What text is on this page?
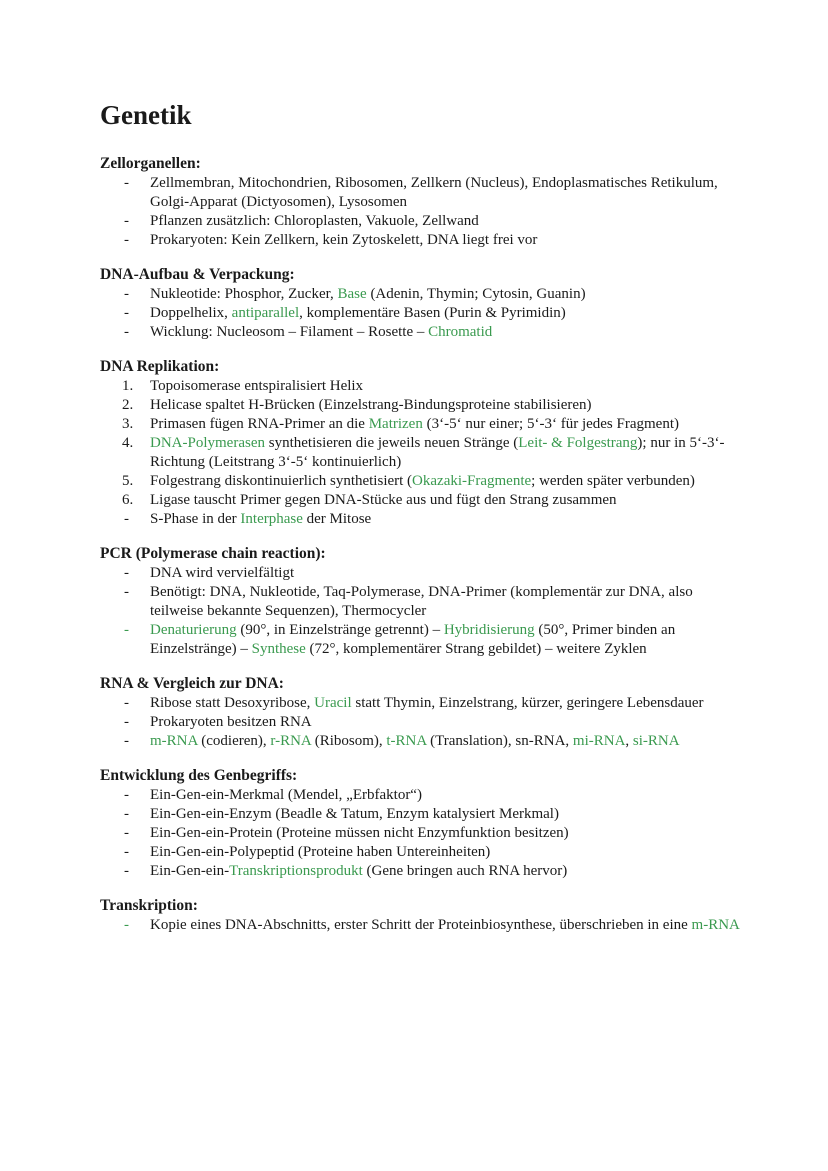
Genetik
Zellorganellen:
-	Zellmembran, Mitochondrien, Ribosomen, Zellkern (Nucleus), Endoplasmatisches Retikulum, Golgi-Apparat (Dictyosomen), Lysosomen
-	Pflanzen zusätzlich: Chloroplasten, Vakuole, Zellwand
-	Prokaryoten: Kein Zellkern, kein Zytoskelett, DNA liegt frei vor
DNA-Aufbau & Verpackung:
-	Nukleotide: Phosphor, Zucker, Base (Adenin, Thymin; Cytosin, Guanin)
-	Doppelhelix, antiparallel, komplementäre Basen (Purin & Pyrimidin)
-	Wicklung: Nucleosom – Filament – Rosette – Chromatid
DNA Replikation:
1.	Topoisomerase entspiralisiert Helix
2.	Helicase spaltet H-Brücken (Einzelstrang-Bindungsproteine stabilisieren)
3.	Primasen fügen RNA-Primer an die Matrizen (3‘-5‘ nur einer; 5‘-3‘ für jedes Fragment)
4.	DNA-Polymerasen synthetisieren die jeweils neuen Stränge (Leit- & Folgestrang); nur in 5‘-3‘-Richtung (Leitstrang 3‘-5‘ kontinuierlich)
5.	Folgestrang diskontinuierlich synthetisiert (Okazaki-Fragmente; werden später verbunden)
6.	Ligase tauscht Primer gegen DNA-Stücke aus und fügt den Strang zusammen
-	S-Phase in der Interphase der Mitose
PCR (Polymerase chain reaction):
-	DNA wird vervielfältigt
-	Benötigt: DNA, Nukleotide, Taq-Polymerase, DNA-Primer (komplementär zur DNA, also teilweise bekannte Sequenzen), Thermocycler
-	Denaturierung (90°, in Einzelstränge getrennt) – Hybridisierung (50°, Primer binden an Einzelstränge) – Synthese (72°, komplementärer Strang gebildet) – weitere Zyklen
RNA & Vergleich zur DNA:
-	Ribose statt Desoxyribose, Uracil statt Thymin, Einzelstrang, kürzer, geringere Lebensdauer
-	Prokaryoten besitzen RNA
-	m-RNA (codieren), r-RNA (Ribosom), t-RNA (Translation), sn-RNA, mi-RNA, si-RNA
Entwicklung des Genbegriffs:
-	Ein-Gen-ein-Merkmal (Mendel, „Erbfaktor“)
-	Ein-Gen-ein-Enzym (Beadle & Tatum, Enzym katalysiert Merkmal)
-	Ein-Gen-ein-Protein (Proteine müssen nicht Enzymfunktion besitzen)
-	Ein-Gen-ein-Polypeptid (Proteine haben Untereinheiten)
-	Ein-Gen-ein-Transkriptionsprodukt (Gene bringen auch RNA hervor)
Transkription:
-	Kopie eines DNA-Abschnitts, erster Schritt der Proteinbiosynthese, überschrieben in eine m-RNA
